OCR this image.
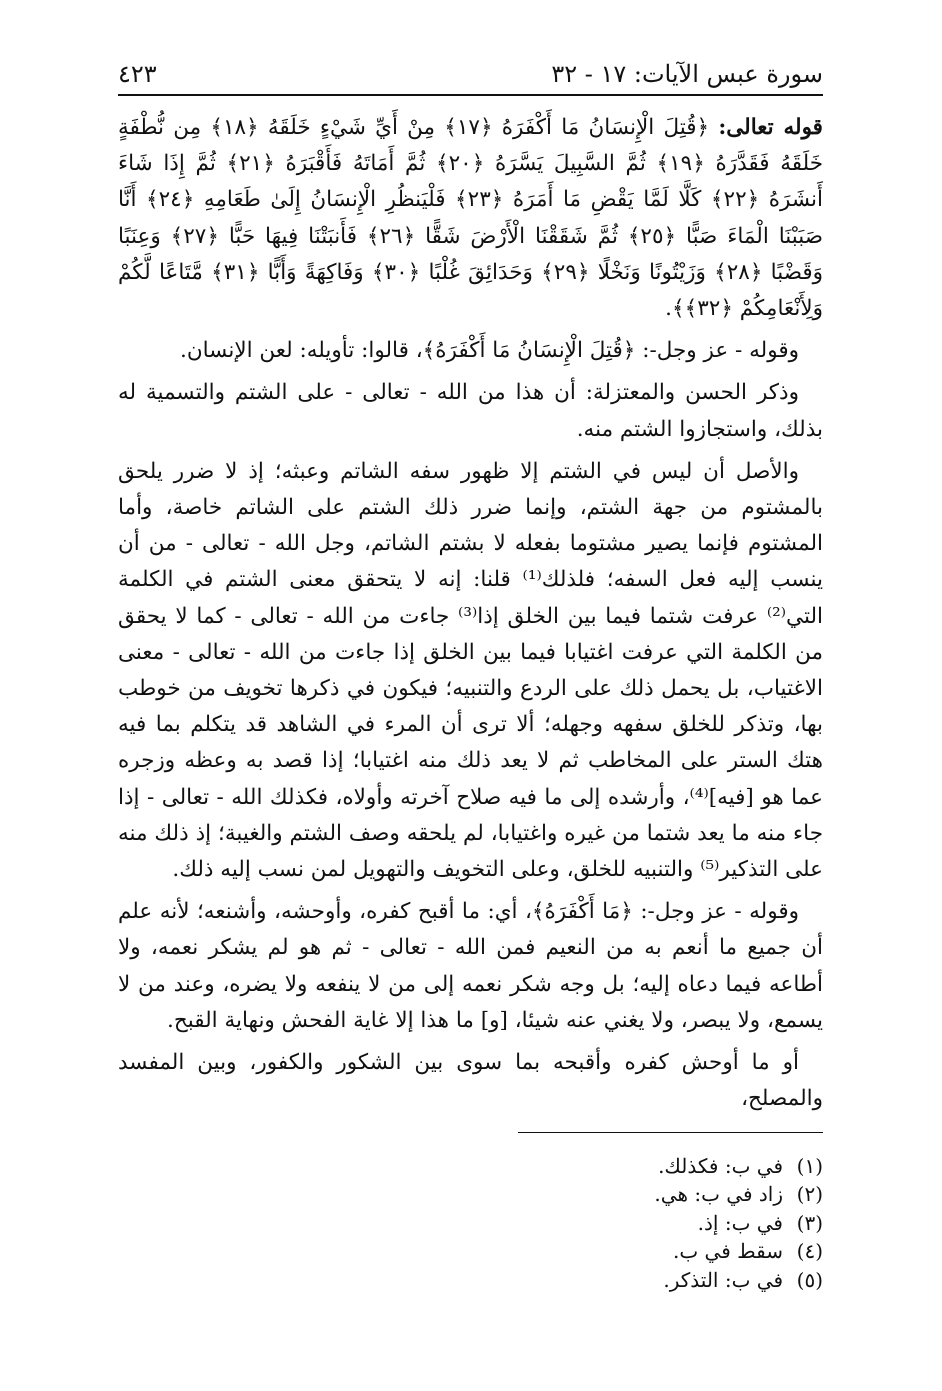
سورة عبس الآيات: ١٧ - ٣٢
٤٢٣

قوله تعالى: ﴿قُتِلَ الْإِنسَانُ مَا أَكْفَرَهُ ﴿١٧﴾ مِنْ أَيِّ شَيْءٍ خَلَقَهُ ﴿١٨﴾ مِن نُّطْفَةٍ خَلَقَهُ فَقَدَّرَهُ ﴿١٩﴾ ثُمَّ السَّبِيلَ يَسَّرَهُ ﴿٢٠﴾ ثُمَّ أَمَاتَهُ فَأَقْبَرَهُ ﴿٢١﴾ ثُمَّ إِذَا شَاءَ أَنشَرَهُ ﴿٢٢﴾ كَلَّا لَمَّا يَقْضِ مَا أَمَرَهُ ﴿٢٣﴾ فَلْيَنظُرِ الْإِنسَانُ إِلَىٰ طَعَامِهِ ﴿٢٤﴾ أَنَّا صَبَبْنَا الْمَاءَ صَبًّا ﴿٢٥﴾ ثُمَّ شَقَقْنَا الْأَرْضَ شَقًّا ﴿٢٦﴾ فَأَنبَتْنَا فِيهَا حَبًّا ﴿٢٧﴾ وَعِنَبًا وَقَضْبًا ﴿٢٨﴾ وَزَيْتُونًا وَنَخْلًا ﴿٢٩﴾ وَحَدَائِقَ غُلْبًا ﴿٣٠﴾ وَفَاكِهَةً وَأَبًّا ﴿٣١﴾ مَّتَاعًا لَّكُمْ وَلِأَنْعَامِكُمْ ﴿٣٢﴾﴾.

وقوله - عز وجل-: ﴿قُتِلَ الْإِنسَانُ مَا أَكْفَرَهُ﴾، قالوا: تأويله: لعن الإنسان.

وذكر الحسن والمعتزلة: أن هذا من الله - تعالى - على الشتم والتسمية له بذلك، واستجازوا الشتم منه.

والأصل أن ليس في الشتم إلا ظهور سفه الشاتم وعبثه؛ إذ لا ضرر يلحق بالمشتوم من جهة الشتم، وإنما ضرر ذلك الشتم على الشاتم خاصة، وأما المشتوم فإنما يصير مشتوما بفعله لا بشتم الشاتم، وجل الله - تعالى - من أن ينسب إليه فعل السفه؛ فلذلك⁽¹⁾ قلنا: إنه لا يتحقق معنى الشتم في الكلمة التي⁽²⁾ عرفت شتما فيما بين الخلق إذا⁽³⁾ جاءت من الله - تعالى - كما لا يحقق من الكلمة التي عرفت اغتيابا فيما بين الخلق إذا جاءت من الله - تعالى - معنى الاغتياب، بل يحمل ذلك على الردع والتنبيه؛ فيكون في ذكرها تخويف من خوطب بها، وتذكر للخلق سفهه وجهله؛ ألا ترى أن المرء في الشاهد قد يتكلم بما فيه هتك الستر على المخاطب ثم لا يعد ذلك منه اغتيابا؛ إذا قصد به وعظه وزجره عما هو [فيه]⁽⁴⁾، وأرشده إلى ما فيه صلاح آخرته وأولاه، فكذلك الله - تعالى - إذا جاء منه ما يعد شتما من غيره واغتيابا، لم يلحقه وصف الشتم والغيبة؛ إذ ذلك منه على التذكير⁽⁵⁾ والتنبيه للخلق، وعلى التخويف والتهويل لمن نسب إليه ذلك.

وقوله - عز وجل-: ﴿مَا أَكْفَرَهُ﴾، أي: ما أقبح كفره، وأوحشه، وأشنعه؛ لأنه علم أن جميع ما أنعم به من النعيم فمن الله - تعالى - ثم هو لم يشكر نعمه، ولا أطاعه فيما دعاه إليه؛ بل وجه شكر نعمه إلى من لا ينفعه ولا يضره، وعند من لا يسمع، ولا يبصر، ولا يغني عنه شيئا، [و] ما هذا إلا غاية الفحش ونهاية القبح.

أو ما أوحش كفره وأقبحه بما سوى بين الشكور والكفور، وبين المفسد والمصلح،

(١)
في ب: فكذلك.
(٢)
زاد في ب: هي.
(٣)
في ب: إذ.
(٤)
سقط في ب.
(٥)
في ب: التذكر.
